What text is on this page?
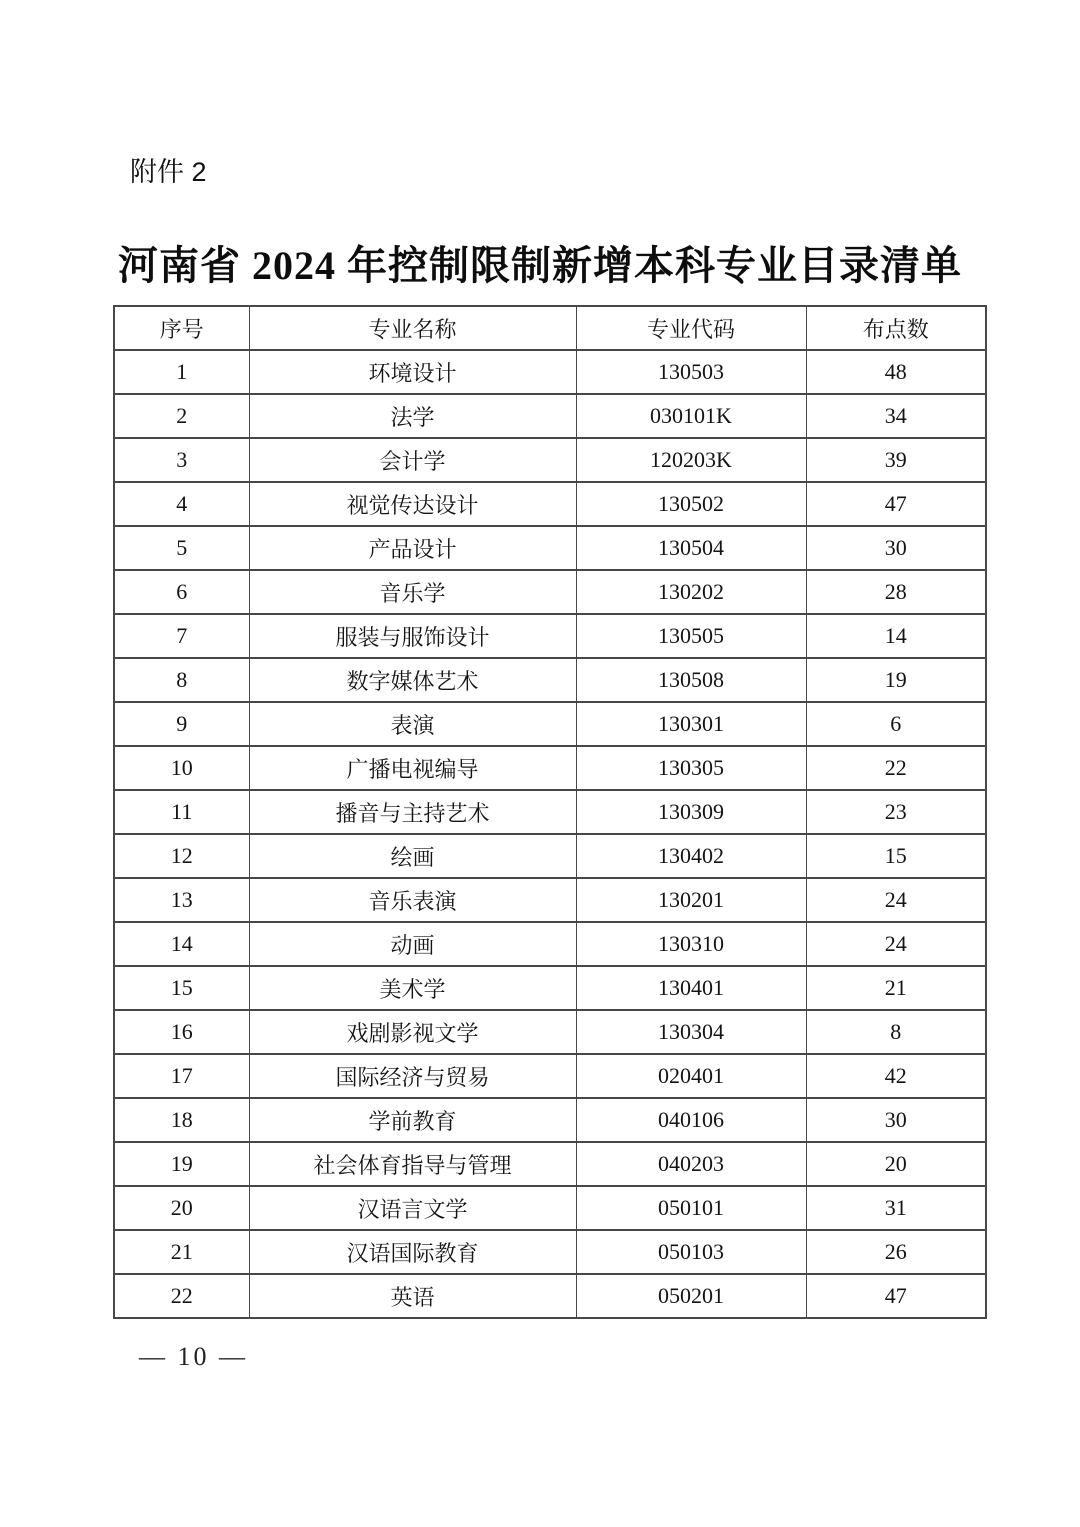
附件 2
河南省 2024 年控制限制新增本科专业目录清单
序号	专业名称	专业代码	布点数
1	环境设计	130503	48
2	法学	030101K	34
3	会计学	120203K	39
4	视觉传达设计	130502	47
5	产品设计	130504	30
6	音乐学	130202	28
7	服装与服饰设计	130505	14
8	数字媒体艺术	130508	19
9	表演	130301	6
10	广播电视编导	130305	22
11	播音与主持艺术	130309	23
12	绘画	130402	15
13	音乐表演	130201	24
14	动画	130310	24
15	美术学	130401	21
16	戏剧影视文学	130304	8
17	国际经济与贸易	020401	42
18	学前教育	040106	30
19	社会体育指导与管理	040203	20
20	汉语言文学	050101	31
21	汉语国际教育	050103	26
22	英语	050201	47
— 10 —
